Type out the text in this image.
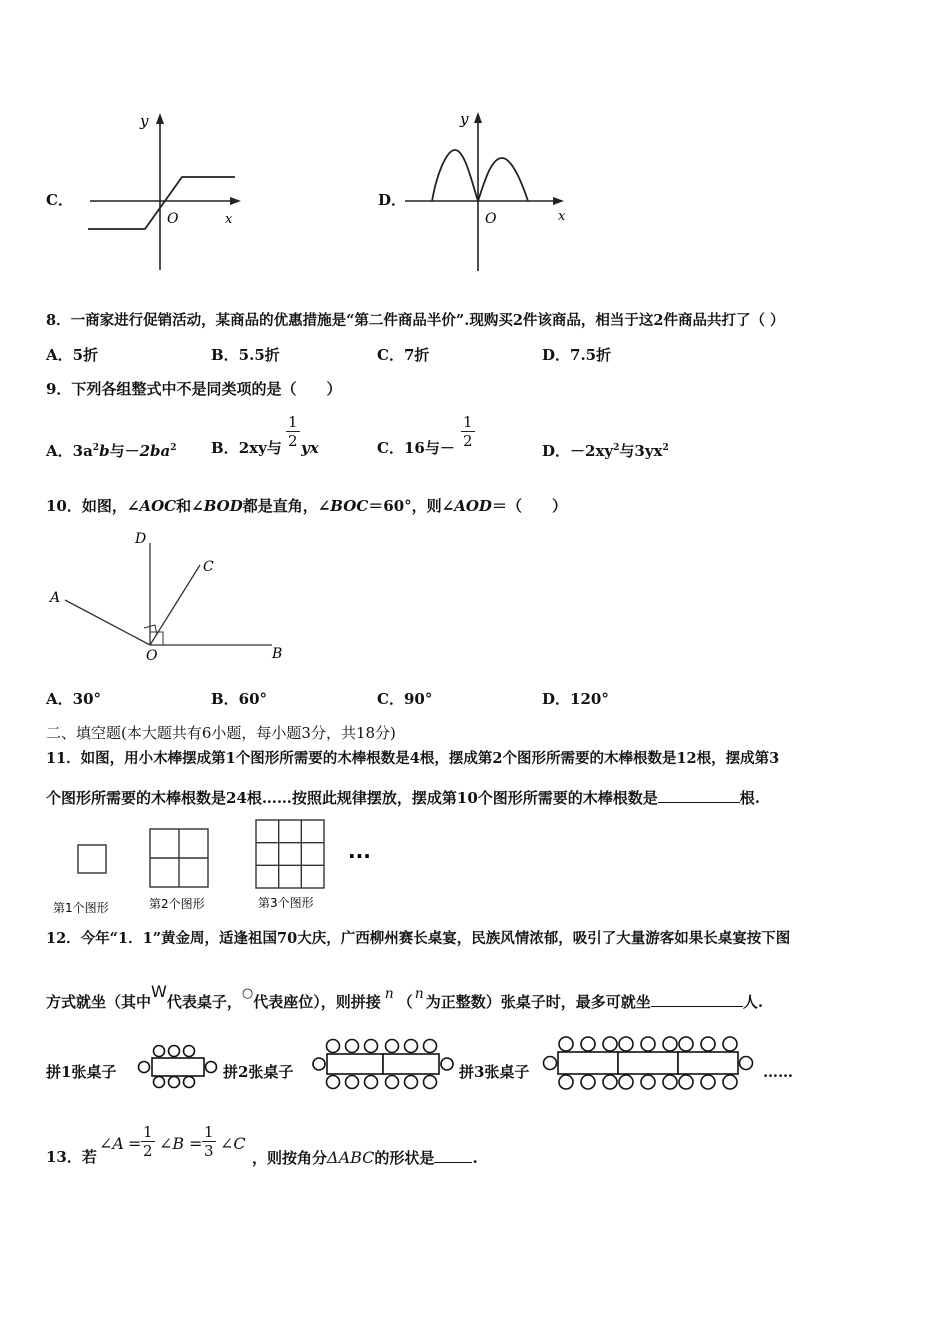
C．
y
O	x
D．
y
O	x
8．一商家进行促销活动，某商品的优惠措施是“第二件商品半价”.现购买2件该商品，相当于这2件商品共打了（ ）
A．5折	B．5.5折	C．7折	D．7.5折
9．下列各组整式中不是同类项的是（　　）
A．$3a^2b$与$-2ba^2$ B．2xy与 $\frac{1}{2}$ yx	C．16与－ $\frac{1}{2}$
D．$-2xy^2$与$3yx^2$
10．如图，∠AOC和∠BOD都是直角，∠BOC＝60°，则∠AOD＝（　　）
D
C
A
O	B
A．30°	B．60°	C．90°	D．120°
二、填空题(本大题共有6小题，每小题3分，共18分)
11．如图，用小木棒摆成第1个图形所需要的木棒根数是4根，摆成第2个图形所需要的木棒根数是12根，摆成第3
个图形所需要的木棒根数是24根……按照此规律摆放，摆成第10个图形所需要的木棒根数是	根.
第1个图形	第2个图形	第3个图形
···
12．今年“1．1”黄金周，适逢祖国70大庆，广西柳州赛长桌宴，民族风情浓郁，吸引了大量游客如果长桌宴按下图
方式就坐（其中W代表桌子，○代表座位），则拼接 n （ n 为正整数）张桌子时，最多可就坐	人.
拼1张桌子	拼2张桌子	拼3张桌子	……
13．若
∠A = $\frac{1}{2}$ ∠B = $\frac{1}{3}$ ∠C
，则按角分ΔABC的形状是	.
